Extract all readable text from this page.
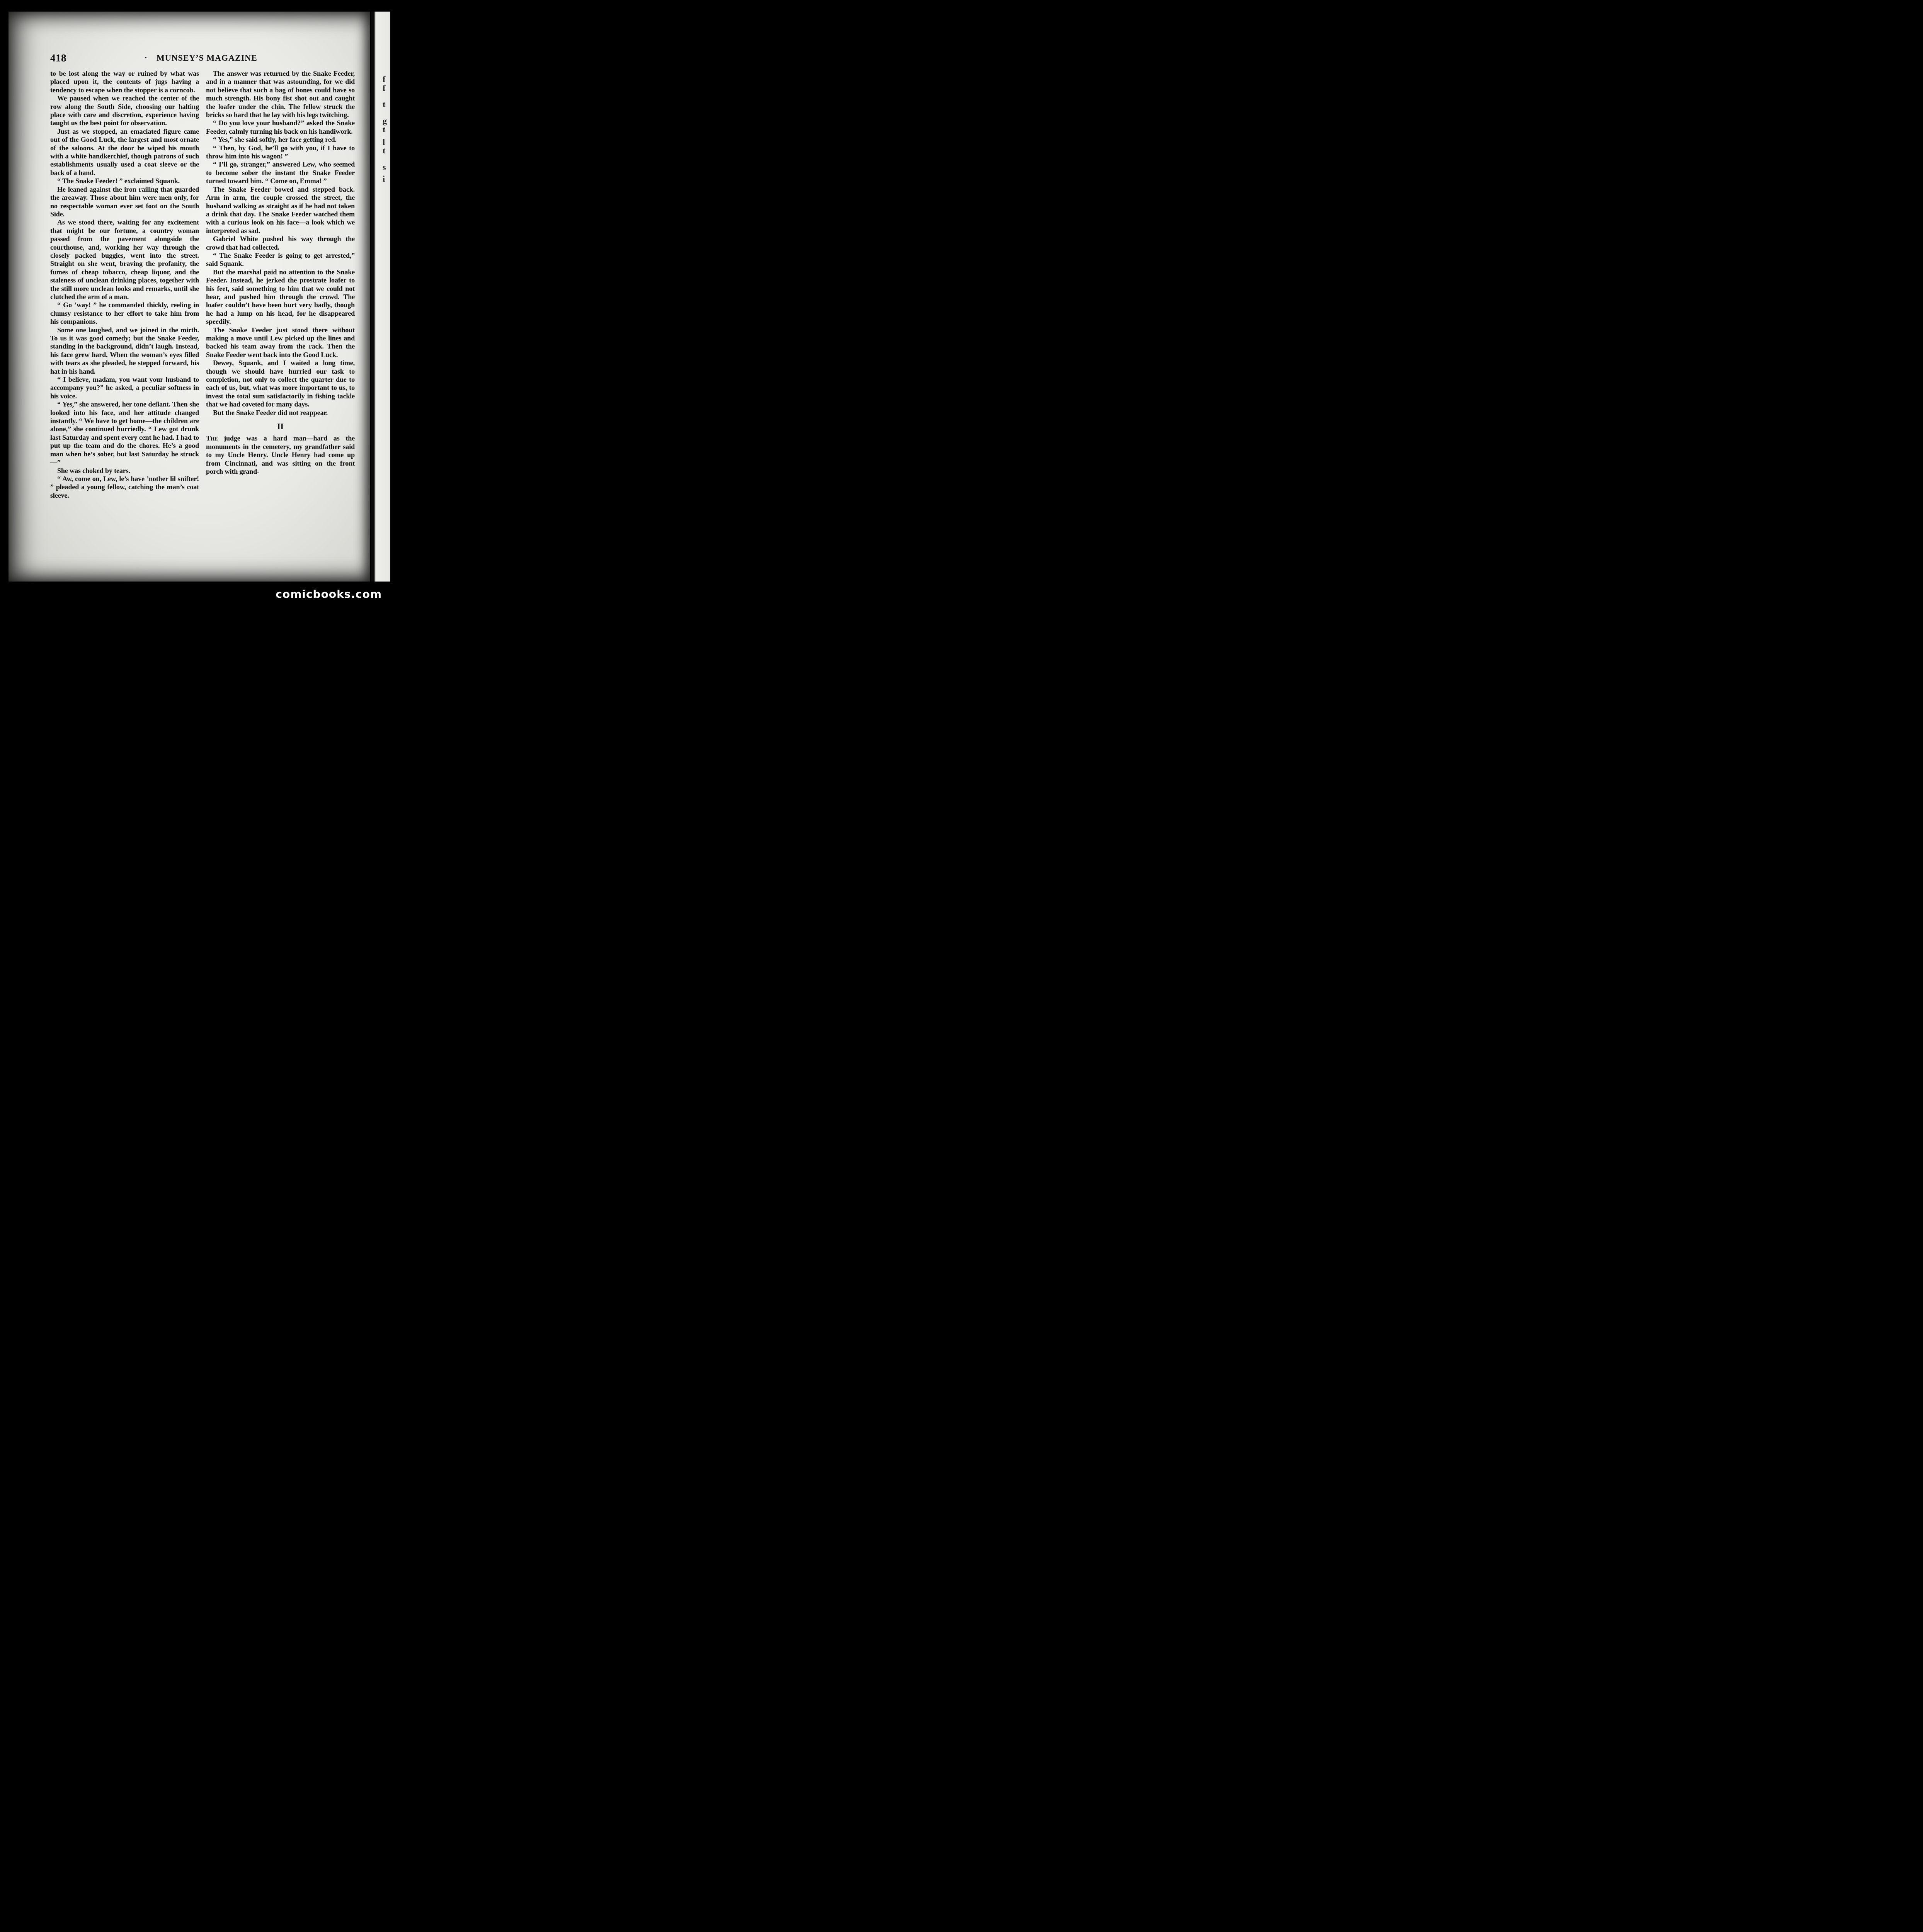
f
f
t
g
t
l
t
s
i
418	MUNSEY’S MAGAZINE

to be lost along the way or ruined by what was placed upon it, the contents of jugs having a tendency to escape when the stopper is a corncob.

We paused when we reached the center of the row along the South Side, choosing our halting place with care and discretion, experience having taught us the best point for observation.

Just as we stopped, an emaciated figure came out of the Good Luck, the largest and most ornate of the saloons. At the door he wiped his mouth with a white handkerchief, though patrons of such establishments usually used a coat sleeve or the back of a hand.

“ The Snake Feeder! ” exclaimed Squank.

He leaned against the iron railing that guarded the areaway. Those about him were men only, for no respectable woman ever set foot on the South Side.

As we stood there, waiting for any excitement that might be our fortune, a country woman passed from the pavement alongside the courthouse, and, working her way through the closely packed buggies, went into the street. Straight on she went, braving the profanity, the fumes of cheap tobacco, cheap liquor, and the staleness of unclean drinking places, together with the still more unclean looks and remarks, until she clutched the arm of a man.

“ Go ’way! ” he commanded thickly, reeling in clumsy resistance to her effort to take him from his companions.

Some one laughed, and we joined in the mirth. To us it was good comedy; but the Snake Feeder, standing in the background, didn’t laugh. Instead, his face grew hard. When the woman’s eyes filled with tears as she pleaded, he stepped forward, his hat in his hand.

“ I believe, madam, you want your husband to accompany you?” he asked, a peculiar softness in his voice.

“ Yes,” she answered, her tone defiant. Then she looked into his face, and her attitude changed instantly. “ We have to get home—the children are alone,” she continued hurriedly. “ Lew got drunk last Saturday and spent every cent he had. I had to put up the team and do the chores. He’s a good man when he’s sober, but last Saturday he struck—”

She was choked by tears.

“ Aw, come on, Lew, le’s have ’nother lil snifter! ” pleaded a young fellow, catching the man’s coat sleeve.

The answer was returned by the Snake Feeder, and in a manner that was astounding, for we did not believe that such a bag of bones could have so much strength. His bony fist shot out and caught the loafer under the chin. The fellow struck the bricks so hard that he lay with his legs twitching.

“ Do you love your husband?” asked the Snake Feeder, calmly turning his back on his handiwork.

“ Yes,” she said softly, her face getting red.

“ Then, by God, he’ll go with you, if I have to throw him into his wagon! ”

“ I’ll go, stranger,” answered Lew, who seemed to become sober the instant the Snake Feeder turned toward him. “ Come on, Emma! ”

The Snake Feeder bowed and stepped back. Arm in arm, the couple crossed the street, the husband walking as straight as if he had not taken a drink that day. The Snake Feeder watched them with a curious look on his face—a look which we interpreted as sad.

Gabriel White pushed his way through the crowd that had collected.

“ The Snake Feeder is going to get arrested,” said Squank.

But the marshal paid no attention to the Snake Feeder. Instead, he jerked the prostrate loafer to his feet, said something to him that we could not hear, and pushed him through the crowd. The loafer couldn’t have been hurt very badly, though he had a lump on his head, for he disappeared speedily.

The Snake Feeder just stood there without making a move until Lew picked up the lines and backed his team away from the rack. Then the Snake Feeder went back into the Good Luck.

Dewey, Squank, and I waited a long time, though we should have hurried our task to completion, not only to collect the quarter due to each of us, but, what was more important to us, to invest the total sum satisfactorily in fishing tackle that we had coveted for many days.

But the Snake Feeder did not reappear.

II

The judge was a hard man—hard as the monuments in the cemetery, my grandfather said to my Uncle Henry. Uncle Henry had come up from Cincinnati, and was sitting on the front porch with grand-

comicbooks.com
